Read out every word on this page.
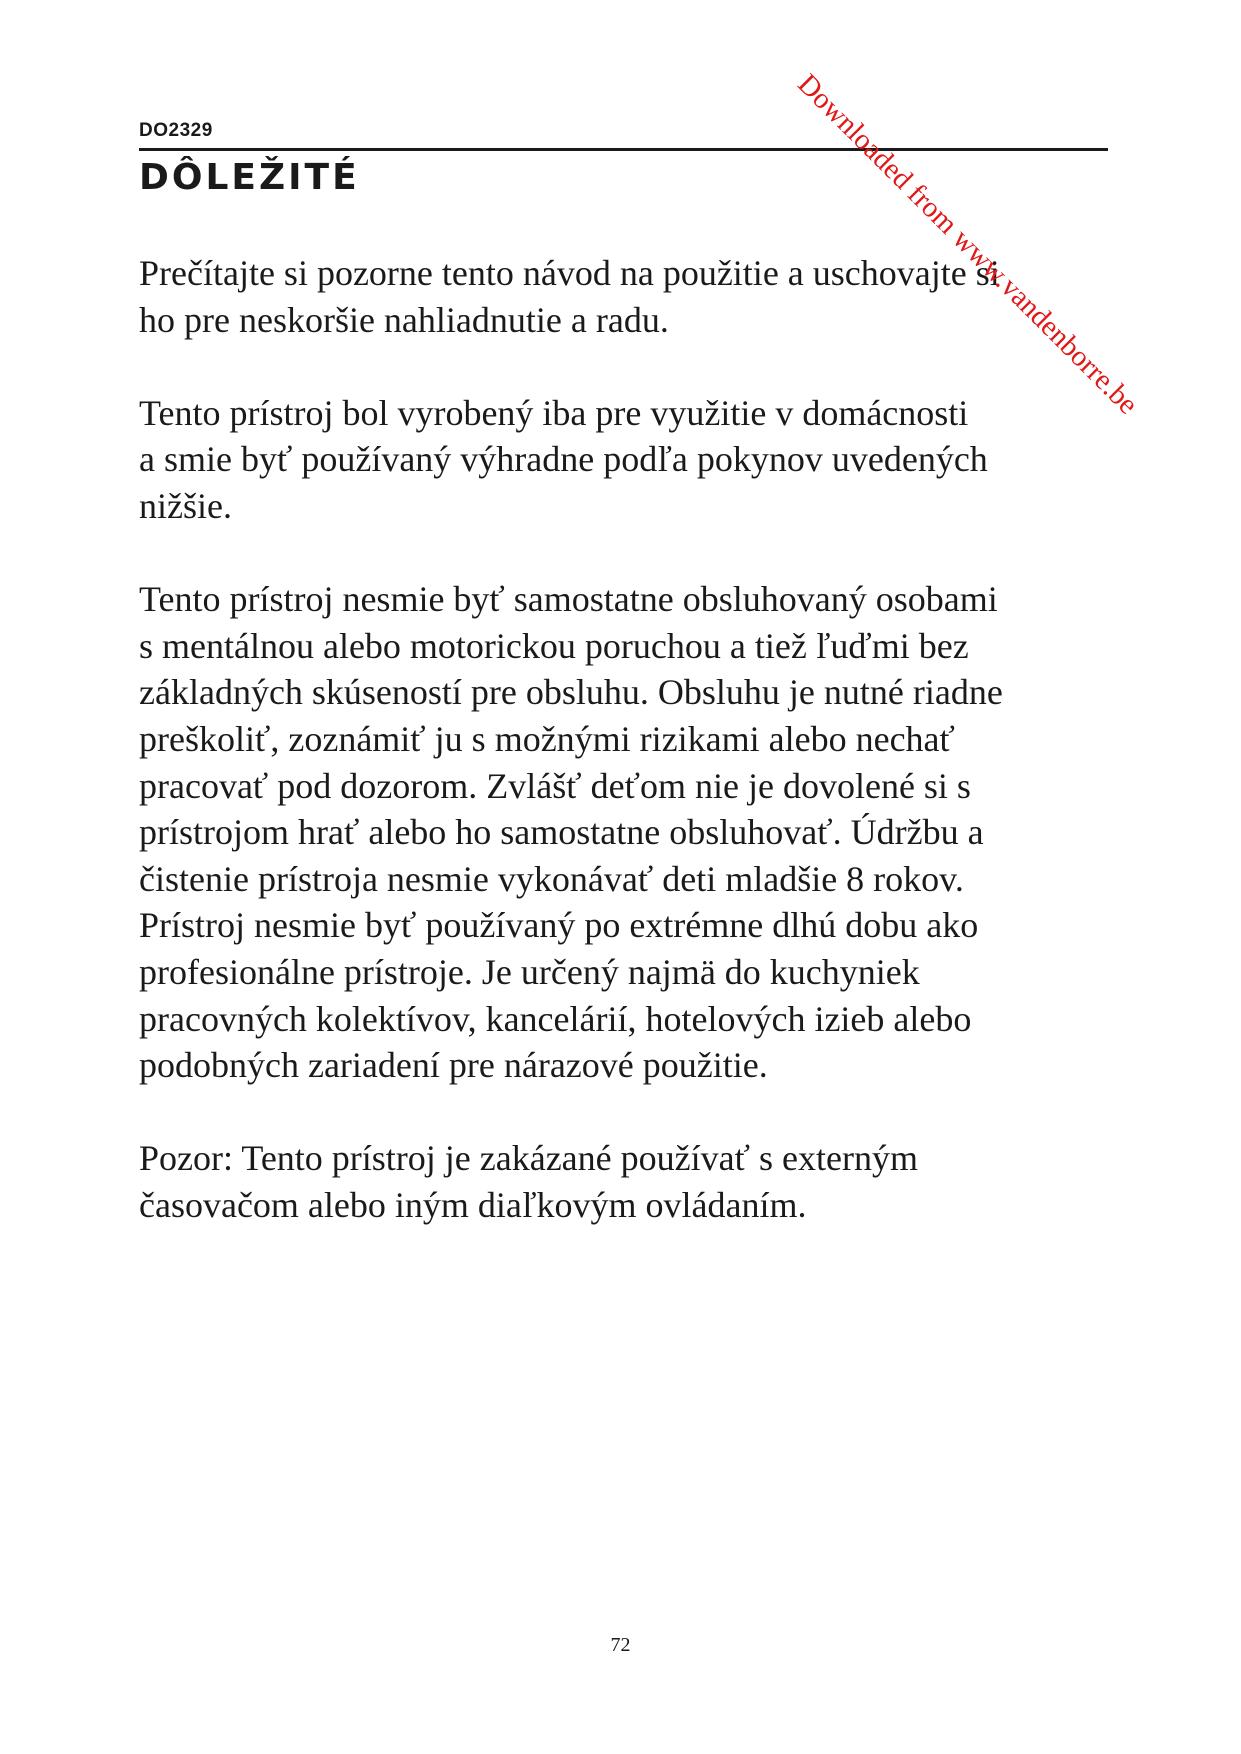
DO2329
DÔLEŽITÉ

Prečítajte si pozorne tento návod na použitie a uschovajte si
ho pre neskoršie nahliadnutie a radu.

Tento prístroj bol vyrobený iba pre využitie v domácnosti
a smie byť používaný výhradne podľa pokynov uvedených
nižšie.

Tento prístroj nesmie byť samostatne obsluhovaný osobami
s mentálnou alebo motorickou poruchou a tiež ľuďmi bez
základných skúseností pre obsluhu. Obsluhu je nutné riadne
preškoliť, zoznámiť ju s možnými rizikami alebo nechať
pracovať pod dozorom. Zvlášť deťom nie je dovolené si s
prístrojom hrať alebo ho samostatne obsluhovať. Údržbu a
čistenie prístroja nesmie vykonávať deti mladšie 8 rokov.
Prístroj nesmie byť používaný po extrémne dlhú dobu ako
profesionálne prístroje. Je určený najmä do kuchyniek
pracovných kolektívov, kancelárií, hotelových izieb alebo
podobných zariadení pre nárazové použitie.

Pozor: Tento prístroj je zakázané používať s externým
časovačom alebo iným diaľkovým ovládaním.

Downloaded from www.vandenborre.be
72
